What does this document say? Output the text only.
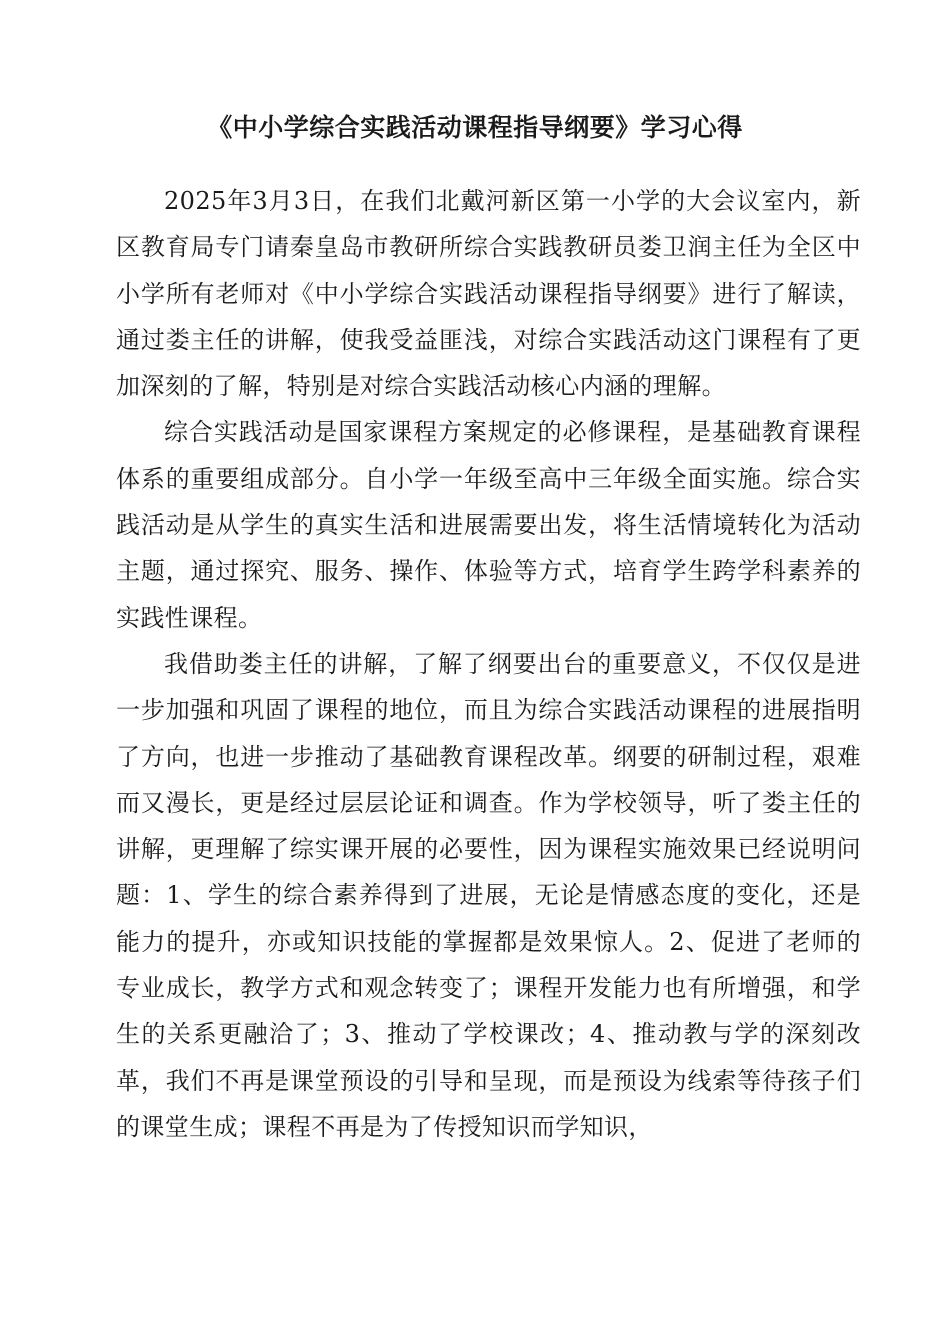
《中小学综合实践活动课程指导纲要》学习心得

2025年3月3日，在我们北戴河新区第一小学的大会议室内，新区教育局专门请秦皇岛市教研所综合实践教研员娄卫润主任为全区中小学所有老师对《中小学综合实践活动课程指导纲要》进行了解读，通过娄主任的讲解，使我受益匪浅，对综合实践活动这门课程有了更加深刻的了解，特别是对综合实践活动核心内涵的理解。

综合实践活动是国家课程方案规定的必修课程，是基础教育课程体系的重要组成部分。自小学一年级至高中三年级全面实施。综合实践活动是从学生的真实生活和进展需要出发，将生活情境转化为活动主题，通过探究、服务、操作、体验等方式，培育学生跨学科素养的实践性课程。

我借助娄主任的讲解，了解了纲要出台的重要意义，不仅仅是进一步加强和巩固了课程的地位，而且为综合实践活动课程的进展指明了方向，也进一步推动了基础教育课程改革。纲要的研制过程，艰难而又漫长，更是经过层层论证和调查。作为学校领导，听了娄主任的讲解，更理解了综实课开展的必要性，因为课程实施效果已经说明问题：1、学生的综合素养得到了进展，无论是情感态度的变化，还是能力的提升，亦或知识技能的掌握都是效果惊人。2、促进了老师的专业成长，教学方式和观念转变了；课程开发能力也有所增强，和学生的关系更融洽了；3、推动了学校课改；4、推动教与学的深刻改革，我们不再是课堂预设的引导和呈现，而是预设为线索等待孩子们的课堂生成；课程不再是为了传授知识而学知识，
